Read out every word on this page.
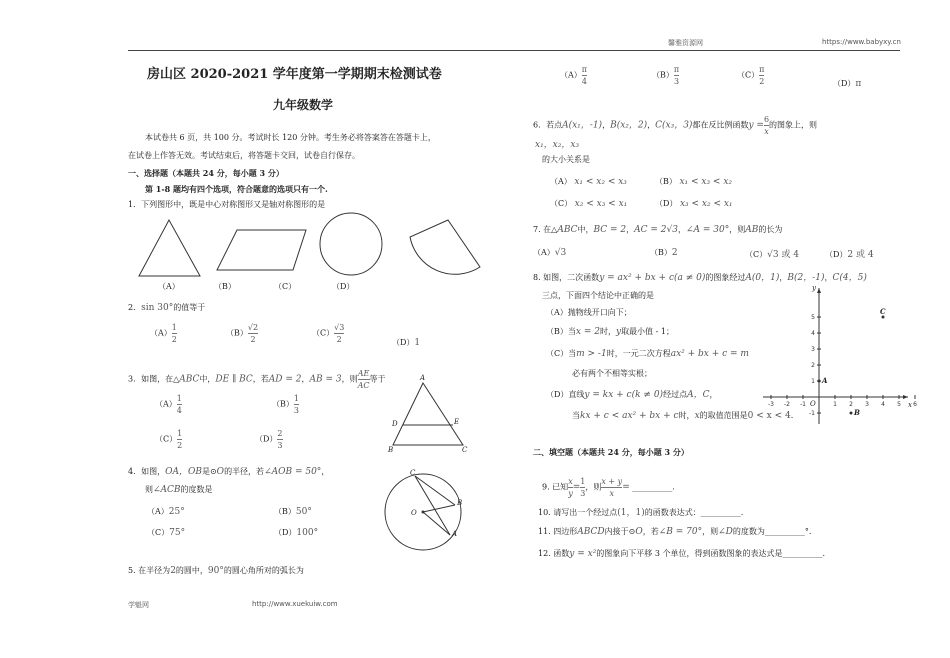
馨雅资源网	https://www.babyxy.cn
房山区 2020-2021 学年度第一学期期末检测试卷
九年级数学
本试卷共 6 页，共 100 分。考试时长 120 分钟。考生务必将答案答在答题卡上，
在试卷上作答无效。考试结束后，将答题卡交回，试卷自行保存。
一、选择题（本题共 24 分，每小题 3 分）
第 1-8 题均有四个选项，符合题意的选项只有一个.
1．下列图形中，既是中心对称图形又是轴对称图形的是
（A）	（B）	（C）	（D）
2．sin 30°的值等于
$(A) \frac{1}{2}$	$(B) \frac{√2}{2}$	$(C) \frac{√3}{2}$	（D）1
3．如图，在△ABC中，DE ∥ BC，若AD = 2，AB = 3，则 $\frac{AE}{AC}$ 等于
$(A) \frac{1}{4}$	$(B) \frac{1}{3}$
$(C) \frac{1}{2}$	$(D) \frac{2}{3}$
A
D	E
B	C
4．如图，OA，OB是⊙O的半径，若∠AOB = 50°，
则∠ACB的度数是
（A）25°	（B）50°
（C）75°	（D）100°
C
O
B
A
5. 在半径为2的圆中，90°的圆心角所对的弧长为
学魁网	http://www.xuekuiw.com
$(A) \frac{\pi}{4}$	$(B) \frac{\pi}{3}$	$(C) \frac{\pi}{2}$	（D）π
6．若点A(x₁，-1)，B(x₂，2)，C(x₃，3)都在反比例函数$y = \frac{6}{x}$ 的图象上，则
x₁，x₂，x₃
的大小关系是
（A） x₁ < x₂ < x₃	（B） x₁ < x₃ < x₂
（C） x₂ < x₃ < x₁	（D） x₃ < x₂ < x₁
7. 在△ABC中，BC = 2，AC = 2√3，∠A = 30°，则AB的长为
（A）√3	（B）2	（C）√3 或 4	（D）2 或 4
8. 如图，二次函数y = ax² + bx + c(a ≠ 0)的图象经过A(0，1)，B(2，-1)，C(4，5)
三点，下面四个结论中正确的是
（A）抛物线开口向下；
（B）当x = 2时，y取最小值 - 1；
（C）当m > -1时，一元二次方程ax² + bx + c = m
必有两个不相等实根；
（D）直线y = kx + c(k ≠ 0)经过点A，C，
当kx + c < ax² + bx + c时，x的取值范围是0 < x < 4.
-3 -2 -1	1 2 3 4 5 6
5
4
3
2
1
-1
x
y
O
A
B
C
二、填空题（本题共 24 分，每小题 3 分）
9. 已知 $\frac{x}{y} = \frac{1}{3}$ ，则 $\frac{x + y}{x}$ = __________.
10. 请写出一个经过点(1，1)的函数表达式：__________.
11. 四边形ABCD内接于⊙O，若∠B = 70°，则∠D的度数为__________°.
12. 函数y = x²的图象向下平移 3 个单位，得到函数图象的表达式是__________.
